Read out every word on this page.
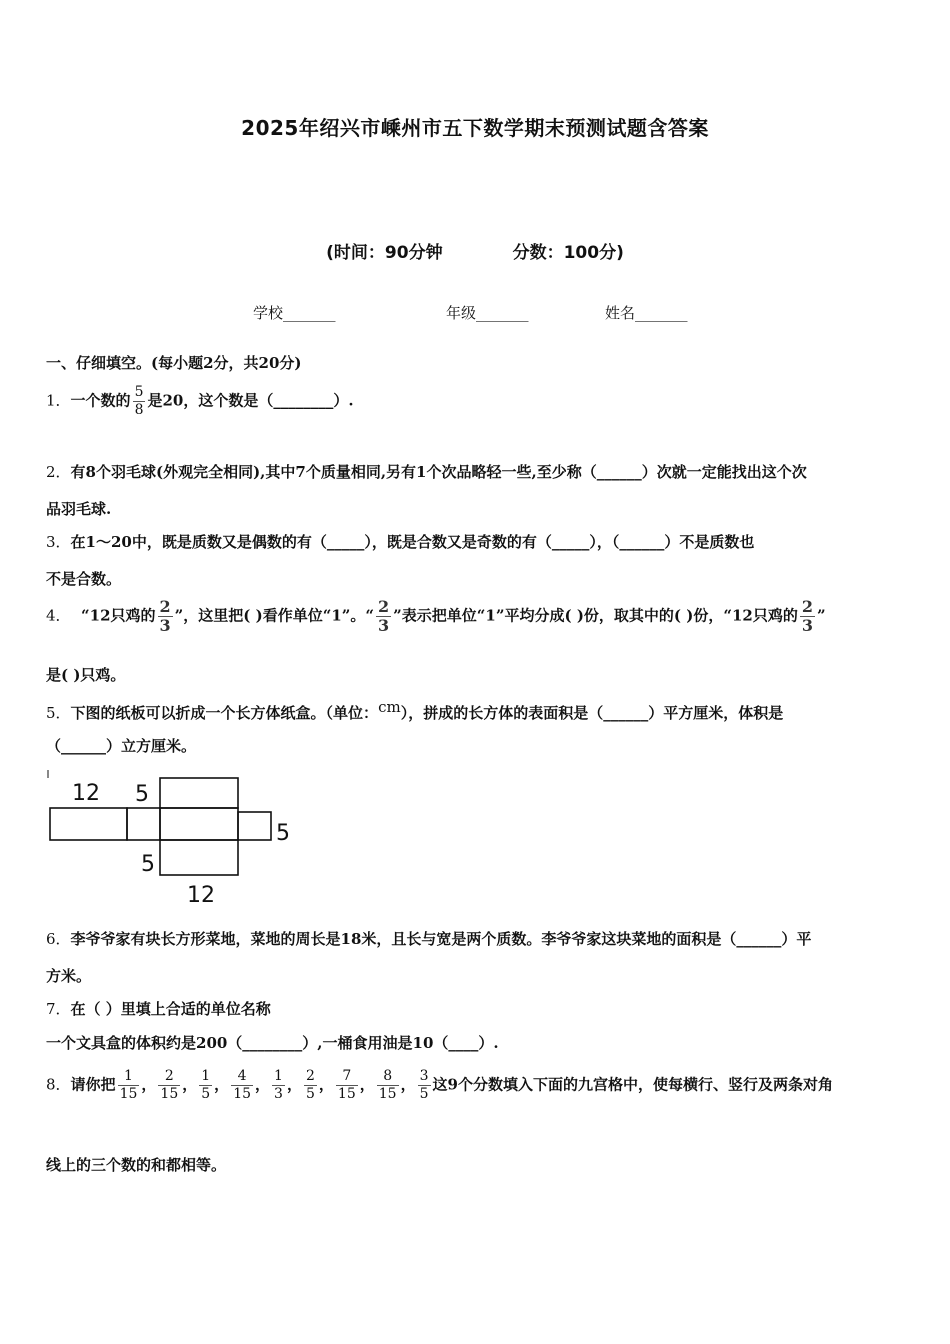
2025年绍兴市嵊州市五下数学期末预测试题含答案
(时间：90分钟	分数：100分)
学校_______	年级_______	姓名_______
一、仔细填空。(每小题2分，共20分)
1．一个数的 $\frac{5}{8}$ 是20，这个数是（________）.
2．有8个羽毛球(外观完全相同),其中7个质量相同,另有1个次品略轻一些,至少称（______）次就一定能找出这个次
品羽毛球.
3．在1～20中，既是质数又是偶数的有（_____），既是合数又是奇数的有（_____），（______）不是质数也
不是合数。
4． “12只鸡的 $\frac{2}{3}$ ”，这里把( )看作单位“1”。“ $\frac{2}{3}$ ”表示把单位“1”平均分成( )份，取其中的( )份，“12只鸡的 $\frac{2}{3}$ ”
是( )只鸡。
5．下图的纸板可以折成一个长方体纸盒。（单位：cm），拼成的长方体的表面积是（______）平方厘米，体积是
（______）立方厘米。
12 5
5
5
12
6．李爷爷家有块长方形菜地，菜地的周长是18米，且长与宽是两个质数。李爷爷家这块菜地的面积是（______）平
方米。
7．在（ ）里填上合适的单位名称
一个文具盒的体积约是200（________）,一桶食用油是10（____）.
8．请你把 $\frac{1}{15}$ ， $\frac{2}{15}$ ， $\frac{1}{5}$ ， $\frac{4}{15}$ ， $\frac{1}{3}$ ， $\frac{2}{5}$ ， $\frac{7}{15}$ ， $\frac{8}{15}$ ， $\frac{3}{5}$ 这9个分数填入下面的九宫格中，使每横行、竖行及两条对角
线上的三个数的和都相等。
